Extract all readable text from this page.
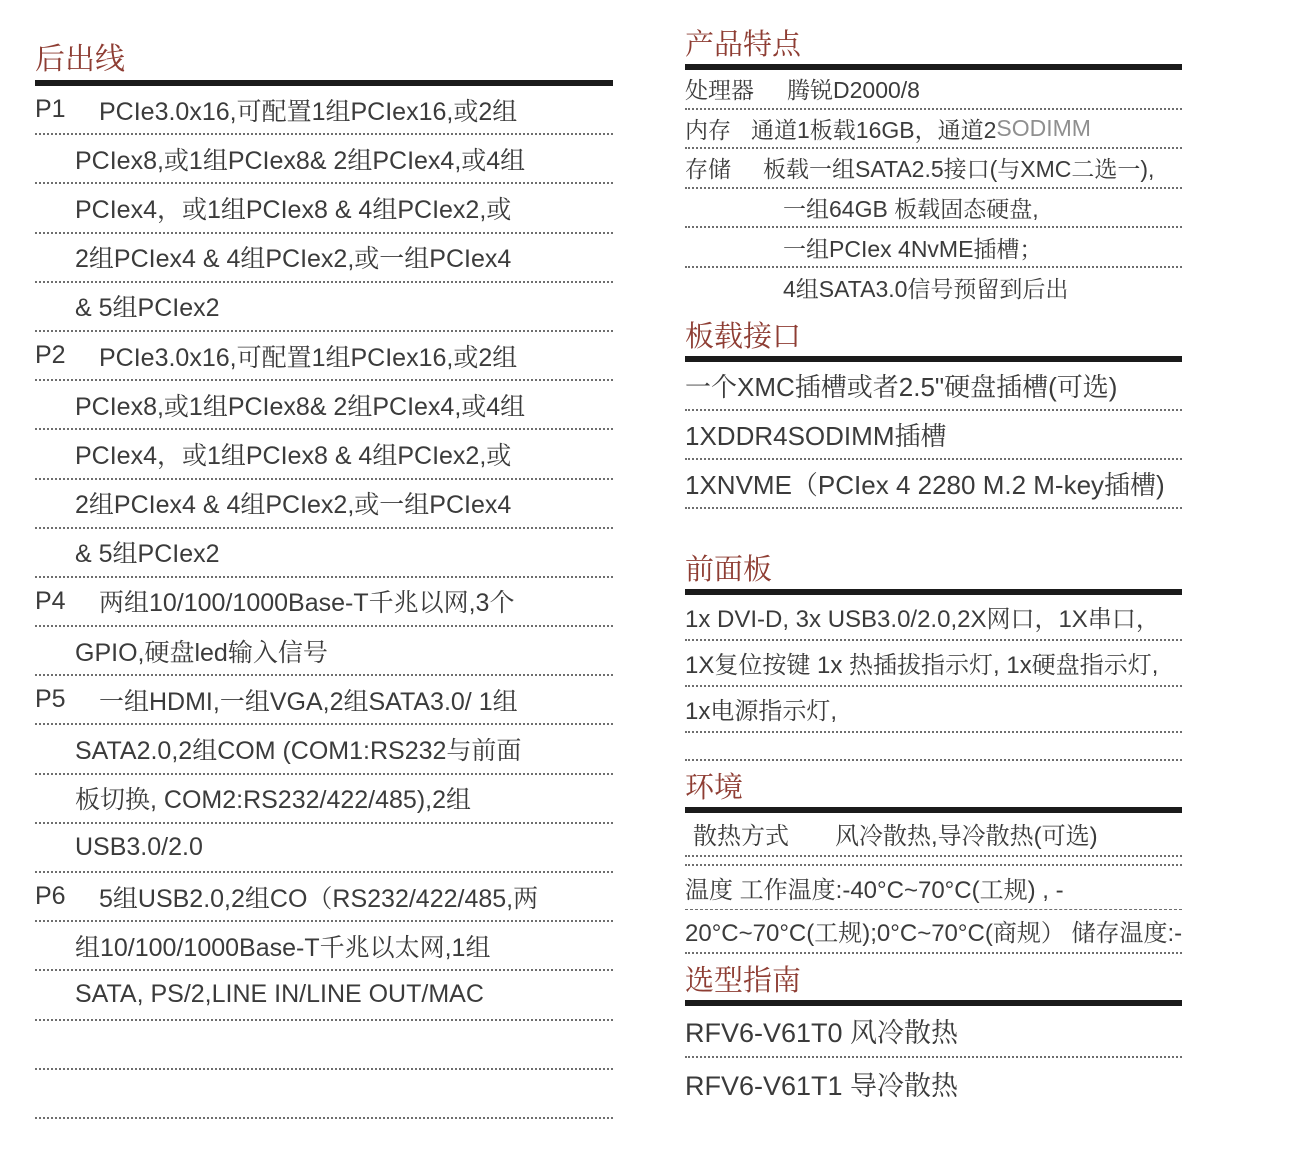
后出线
P1	PCIe3.0x16,可配置1组PCIex16,或2组
PCIex8,或1组PCIex8& 2组PCIex4,或4组
PCIex4，或1组PCIex8 & 4组PCIex2,或
2组PCIex4 & 4组PCIex2,或一组PCIex4
& 5组PCIex2
P2	PCIe3.0x16,可配置1组PCIex16,或2组
PCIex8,或1组PCIex8& 2组PCIex4,或4组
PCIex4，或1组PCIex8 & 4组PCIex2,或
2组PCIex4 & 4组PCIex2,或一组PCIex4
& 5组PCIex2
P4	两组10/100/1000Base-T千兆以网,3个
GPIO,硬盘led输入信号
P5	一组HDMI,一组VGA,2组SATA3.0/ 1组
SATA2.0,2组COM (COM1:RS232与前面
板切换, COM2:RS232/422/485),2组
USB3.0/2.0
P6	5组USB2.0,2组CO（RS232/422/485,两
组10/100/1000Base-T千兆以太网,1组
SATA, PS/2,LINE IN/LINE OUT/MAC
产品特点
处理器	腾锐D2000/8
内存 通道1板载16GB，通道2 SODIMM
存储	板载一组SATA2.5接口(与XMC二选一),
一组64GB 板载固态硬盘,
一组PCIex 4NvME插槽；
4组SATA3.0信号预留到后出
板载接口
一个XMC插槽或者2.5"硬盘插槽(可选)
1XDDR4SODIMM插槽
1XNVME（PCIex 4 2280 M.2 M-key插槽)
前面板
1x DVI-D, 3x USB3.0/2.0,2X网口，1X串口，
1X复位按键 1x 热插拔指示灯, 1x硬盘指示灯,
1x电源指示灯,
环境
散热方式	风冷散热,导冷散热(可选)
温度 工作温度:-40°C~70°C(工规) , -
20°C~70°C(工规);0°C~70°C(商规） 储存温度:-
选型指南
RFV6-V61T0 风冷散热
RFV6-V61T1 导冷散热
